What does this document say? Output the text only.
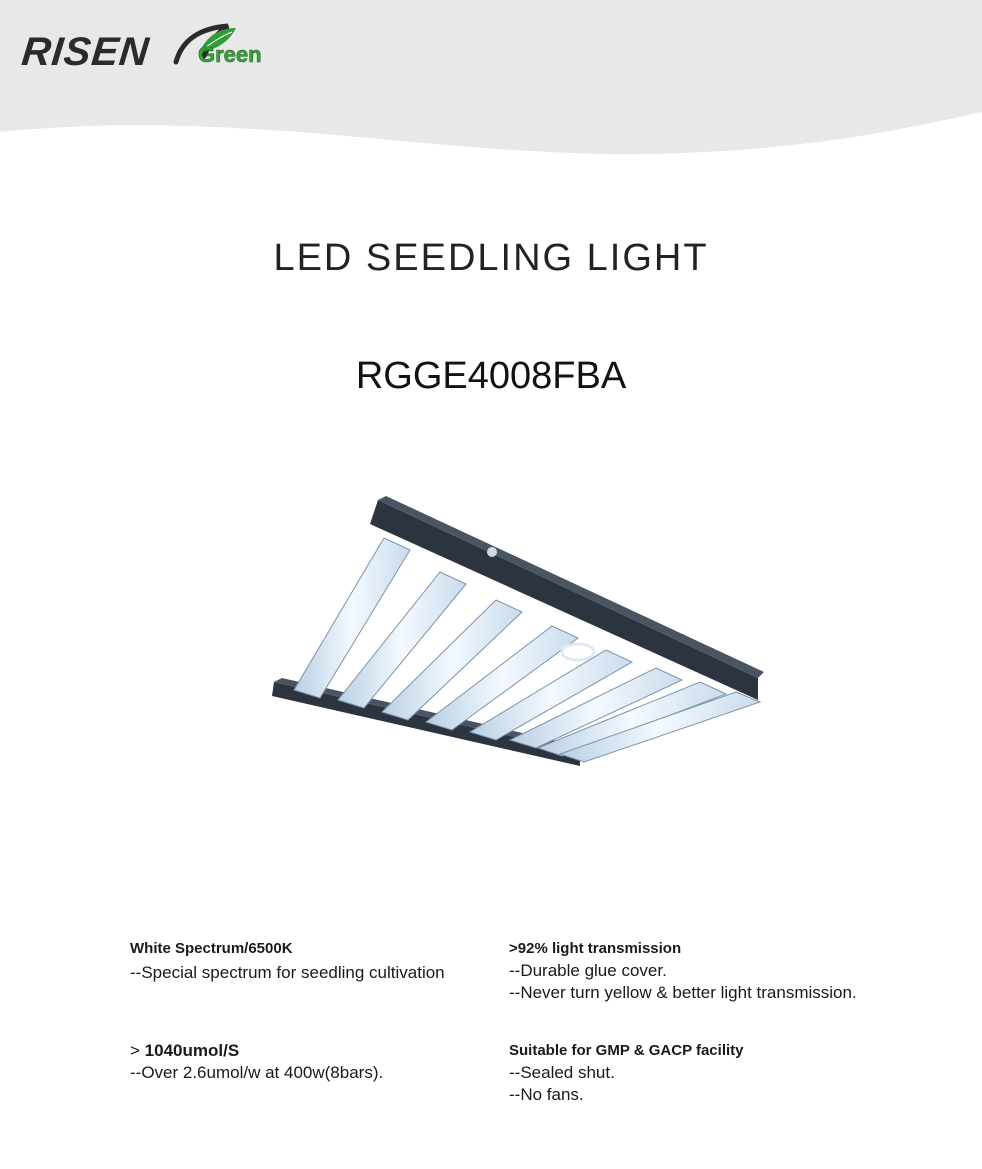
RISEN Green
LED SEEDLING LIGHT
RGGE4008FBA
White Spectrum/6500K
--Special spectrum for seedling cultivation
>92% light transmission
--Durable glue cover.
--Never turn yellow & better light transmission.
> 1040umol/S
--Over 2.6umol/w at 400w(8bars).
Suitable for GMP & GACP facility
--Sealed shut.
--No fans.
